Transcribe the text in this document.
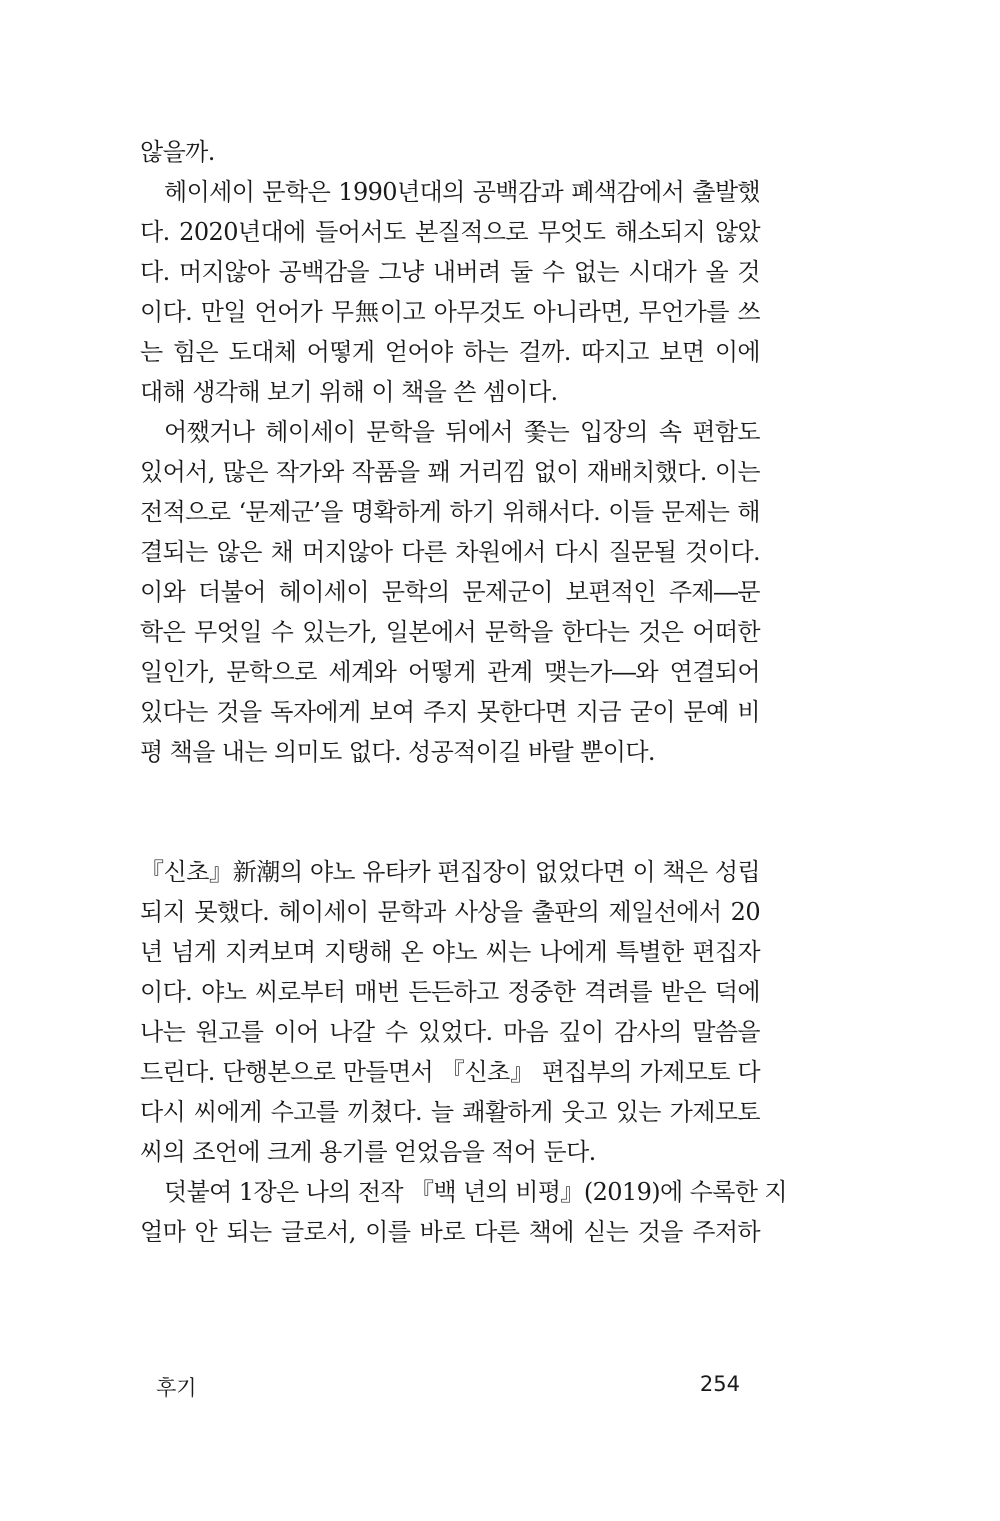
않을까.
헤이세이 문학은 1990년대의 공백감과 폐색감에서 출발했
다. 2020년대에 들어서도 본질적으로 무엇도 해소되지 않았
다. 머지않아 공백감을 그냥 내버려 둘 수 없는 시대가 올 것
이다. 만일 언어가 무無이고 아무것도 아니라면, 무언가를 쓰
는 힘은 도대체 어떻게 얻어야 하는 걸까. 따지고 보면 이에
대해 생각해 보기 위해 이 책을 쓴 셈이다.
어쨌거나 헤이세이 문학을 뒤에서 쫓는 입장의 속 편함도
있어서, 많은 작가와 작품을 꽤 거리낌 없이 재배치했다. 이는
전적으로 ‘문제군’을 명확하게 하기 위해서다. 이들 문제는 해
결되는 않은 채 머지않아 다른 차원에서 다시 질문될 것이다.
이와 더불어 헤이세이 문학의 문제군이 보편적인 주제―문
학은 무엇일 수 있는가, 일본에서 문학을 한다는 것은 어떠한
일인가, 문학으로 세계와 어떻게 관계 맺는가―와 연결되어
있다는 것을 독자에게 보여 주지 못한다면 지금 굳이 문예 비
평 책을 내는 의미도 없다. 성공적이길 바랄 뿐이다.
『신초』新潮의 야노 유타카 편집장이 없었다면 이 책은 성립
되지 못했다. 헤이세이 문학과 사상을 출판의 제일선에서 20
년 넘게 지켜보며 지탱해 온 야노 씨는 나에게 특별한 편집자
이다. 야노 씨로부터 매번 든든하고 정중한 격려를 받은 덕에
나는 원고를 이어 나갈 수 있었다. 마음 깊이 감사의 말씀을
드린다. 단행본으로 만들면서 『신초』 편집부의 가제모토 다
다시 씨에게 수고를 끼쳤다. 늘 쾌활하게 웃고 있는 가제모토
씨의 조언에 크게 용기를 얻었음을 적어 둔다.
덧붙여 1장은 나의 전작 『백 년의 비평』(2019)에 수록한 지
얼마 안 되는 글로서, 이를 바로 다른 책에 싣는 것을 주저하
후기	254
